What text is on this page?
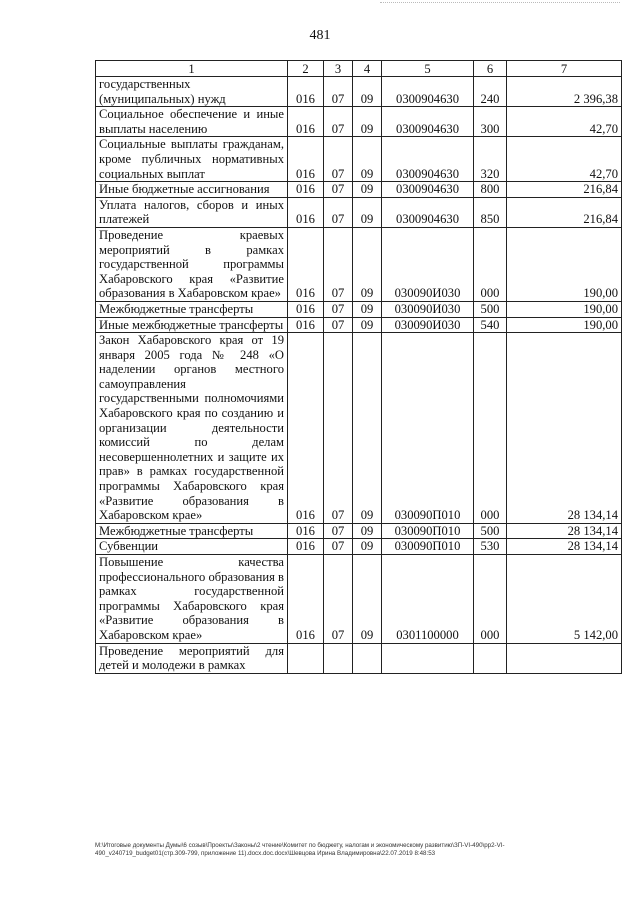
481
1	2	3	4	5	6	7
государственных (муниципальных) нужд	016	07	09	0300904630	240	2 396,38
Социальное обеспечение и иные выплаты населению	016	07	09	0300904630	300	42,70
Социальные выплаты гражданам, кроме публичных нормативных социальных выплат	016	07	09	0300904630	320	42,70
Иные бюджетные ассигнования	016	07	09	0300904630	800	216,84
Уплата налогов, сборов и иных платежей	016	07	09	0300904630	850	216,84
Проведение краевых мероприятий в рамках государственной программы Хабаровского края «Развитие образования в Хабаровском крае»	016	07	09	030090И030	000	190,00
Межбюджетные трансферты	016	07	09	030090И030	500	190,00
Иные межбюджетные трансферты	016	07	09	030090И030	540	190,00
Закон Хабаровского края от 19 января 2005 года № 248 «О наделении органов местного самоуправления государственными полномочиями Хабаровского края по созданию и организации деятельности комиссий по делам несовершеннолетних и защите их прав» в рамках государственной программы Хабаровского края «Развитие образования в Хабаровском крае»	016	07	09	030090П010	000	28 134,14
Межбюджетные трансферты	016	07	09	030090П010	500	28 134,14
Субвенции	016	07	09	030090П010	530	28 134,14
Повышение качества профессионального образования в рамках государственной программы Хабаровского края «Развитие образования в Хабаровском крае»	016	07	09	0301100000	000	5 142,00
Проведение мероприятий для детей и молодежи в рамках						
М:\Итоговые документы Думы\6 созыв\Проекты\Законы\2 чтение\Комитет по бюджету, налогам и экономическому развитию\ЗП-VI-490\pp2-VI-
490_v240719_budget01(стр.309-799, приложение 11).docx.doc.docx\Шевцова Ирина Владимировна\22.07.2019 8:48:53
